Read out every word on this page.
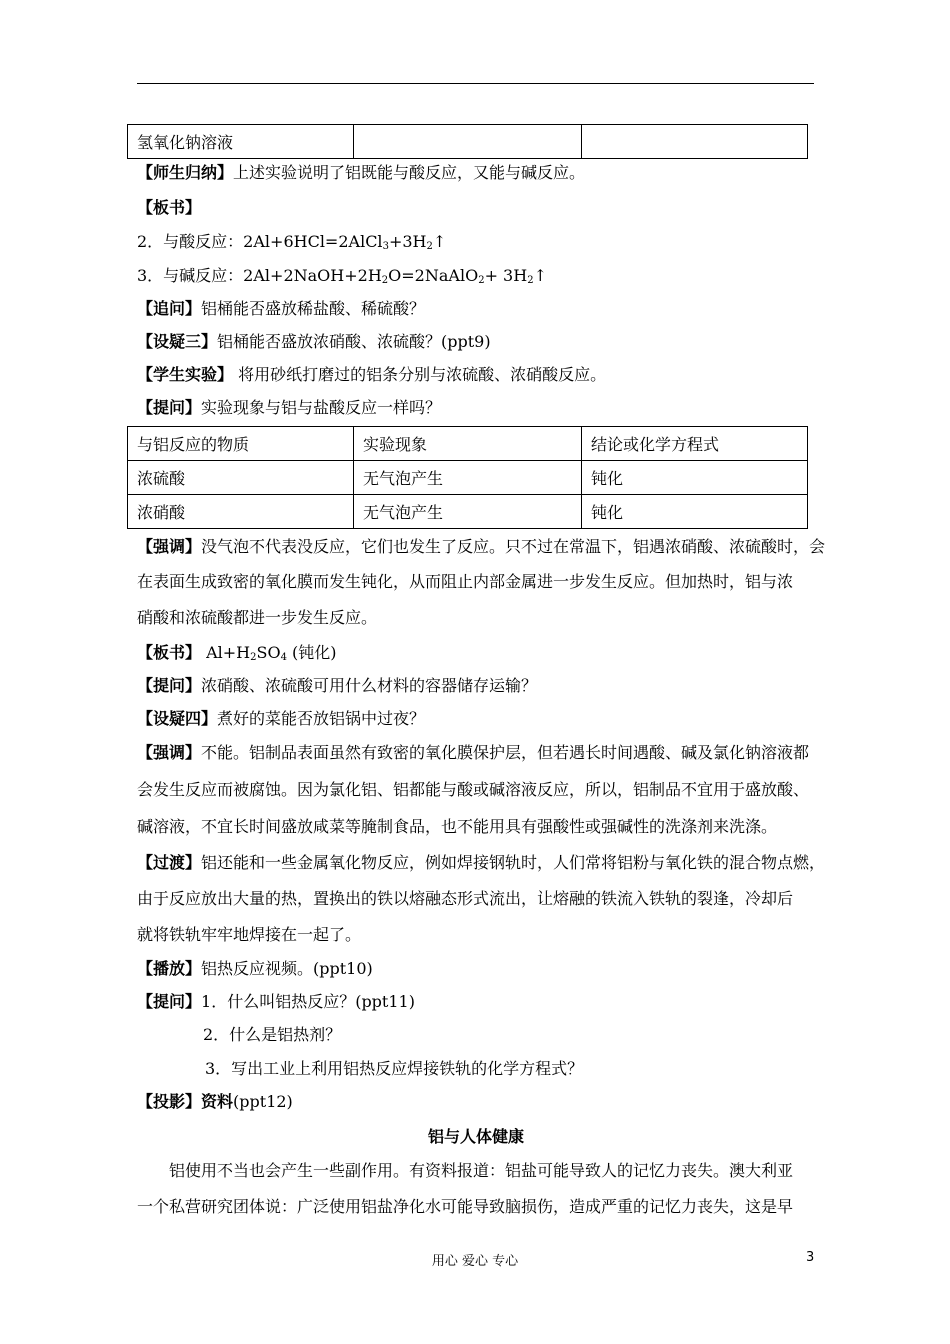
氢氧化钠溶液		
【师生归纳】上述实验说明了铝既能与酸反应，又能与碱反应。
【板书】
2．与酸反应：$2Al+6HCl=2AlCl_3+3H_2↑$
3．与碱反应：$2Al+2NaOH+2H_2O=2NaAlO_2+$ $3H_2↑$
【追问】铝桶能否盛放稀盐酸、稀硫酸？
【设疑三】铝桶能否盛放浓硝酸、浓硫酸？(ppt9)
【学生实验】 将用砂纸打磨过的铝条分别与浓硫酸、浓硝酸反应。
【提问】实验现象与铝与盐酸反应一样吗？
与铝反应的物质	实验现象	结论或化学方程式
浓硫酸	无气泡产生	钝化
浓硝酸	无气泡产生	钝化
【强调】没气泡不代表没反应，它们也发生了反应。只不过在常温下，铝遇浓硝酸、浓硫酸时，会
在表面生成致密的氧化膜而发生钝化，从而阻止内部金属进一步发生反应。但加热时，铝与浓
硝酸和浓硫酸都进一步发生反应。
【板书】 $Al+H_2SO_4$ (钝化)
【提问】浓硝酸、浓硫酸可用什么材料的容器储存运输？
【设疑四】煮好的菜能否放铝锅中过夜？
【强调】不能。铝制品表面虽然有致密的氧化膜保护层，但若遇长时间遇酸、碱及氯化钠溶液都
会发生反应而被腐蚀。因为氯化铝、铝都能与酸或碱溶液反应，所以，铝制品不宜用于盛放酸、
碱溶液，不宜长时间盛放咸菜等腌制食品，也不能用具有强酸性或强碱性的洗涤剂来洗涤。
【过渡】铝还能和一些金属氧化物反应，例如焊接钢轨时，人们常将铝粉与氧化铁的混合物点燃，
由于反应放出大量的热，置换出的铁以熔融态形式流出，让熔融的铁流入铁轨的裂逢，冷却后
就将铁轨牢牢地焊接在一起了。
【播放】铝热反应视频。(ppt10)
【提问】1．什么叫铝热反应？(ppt11)
2．什么是铝热剂？
3．写出工业上利用铝热反应焊接铁轨的化学方程式？
【投影】资料(ppt12)
铝与人体健康
铝使用不当也会产生一些副作用。有资料报道：铝盐可能导致人的记忆力丧失。澳大利亚
一个私营研究团体说：广泛使用铝盐净化水可能导致脑损伤，造成严重的记忆力丧失，这是早
用心 爱心 专心	3
